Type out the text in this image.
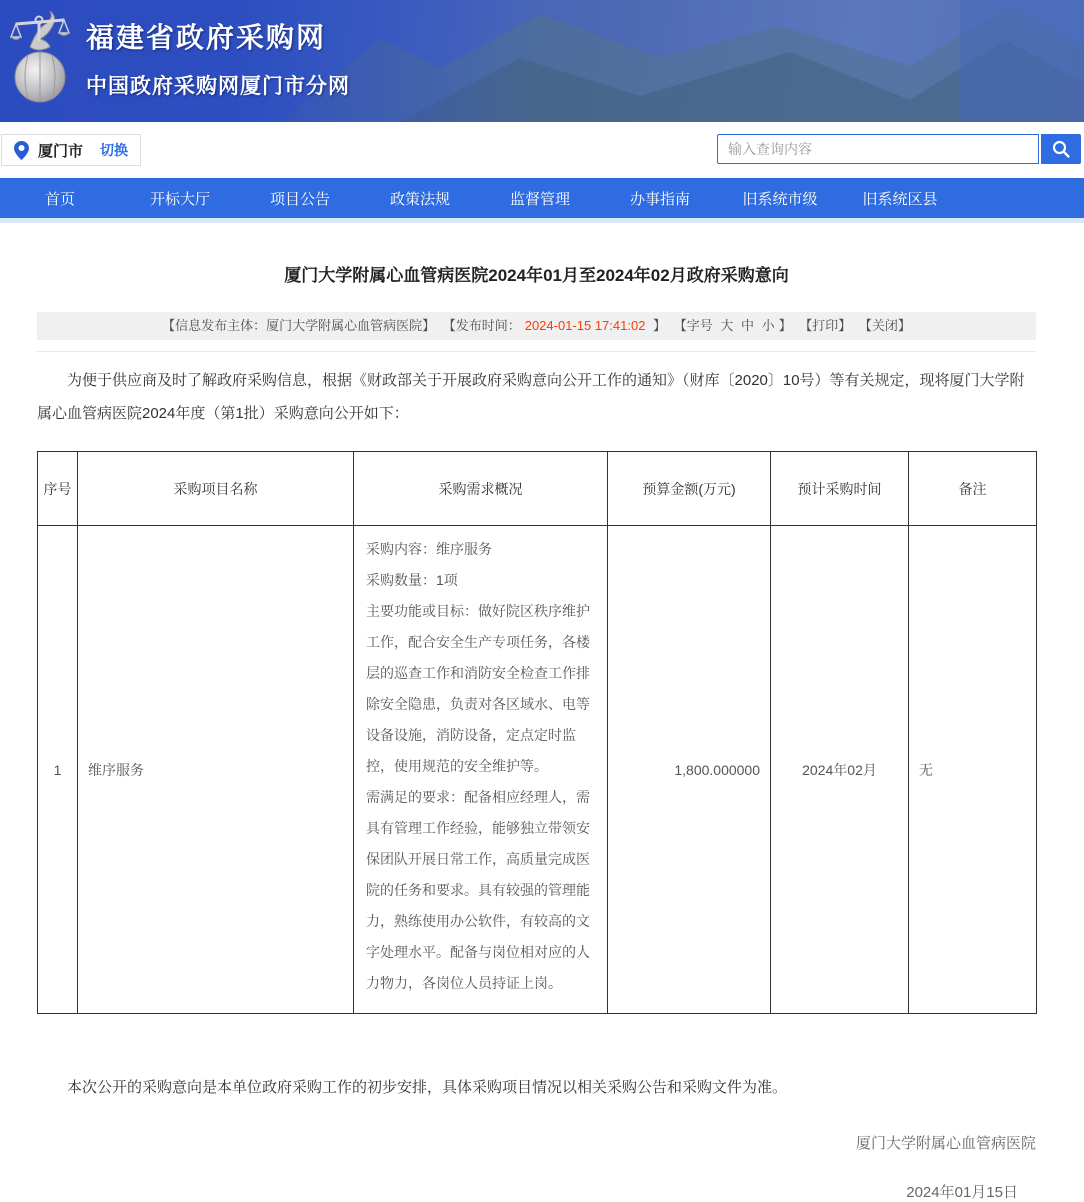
福建省政府采购网
中国政府采购网厦门市分网
厦门市 切换
输入查询内容
首页	开标大厅	项目公告	政策法规	监督管理	办事指南	旧系统市级	旧系统区县
厦门大学附属心血管病医院2024年01月至2024年02月政府采购意向
【信息发布主体：厦门大学附属心血管病医院】 【发布时间： 2024-01-15 17:41:02 】 【字号 大 中 小 】 【打印】 【关闭】

为便于供应商及时了解政府采购信息，根据《财政部关于开展政府采购意向公开工作的通知》（财库〔2020〕10号）等有关规定，现将厦门大学附属心血管病医院2024年度（第1批）采购意向公开如下：

序号	采购项目名称	采购需求概况	预算金额(万元)	预计采购时间	备注
1	维序服务	采购内容：维序服务

采购数量：1项

主要功能或目标：做好院区秩序维护工作，配合安全生产专项任务，各楼层的巡查工作和消防安全检查工作排除安全隐患，负责对各区域水、电等设备设施，消防设备，定点定时监控，使用规范的安全维护等。

需满足的要求：配备相应经理人，需具有管理工作经验，能够独立带领安保团队开展日常工作，高质量完成医院的任务和要求。具有较强的管理能力，熟练使用办公软件，有较高的文字处理水平。配备与岗位相对应的人力物力，各岗位人员持证上岗。	1,800.000000	2024年02月	无

本次公开的采购意向是本单位政府采购工作的初步安排，具体采购项目情况以相关采购公告和采购文件为准。

厦门大学附属心血管病医院

2024年01月15日
